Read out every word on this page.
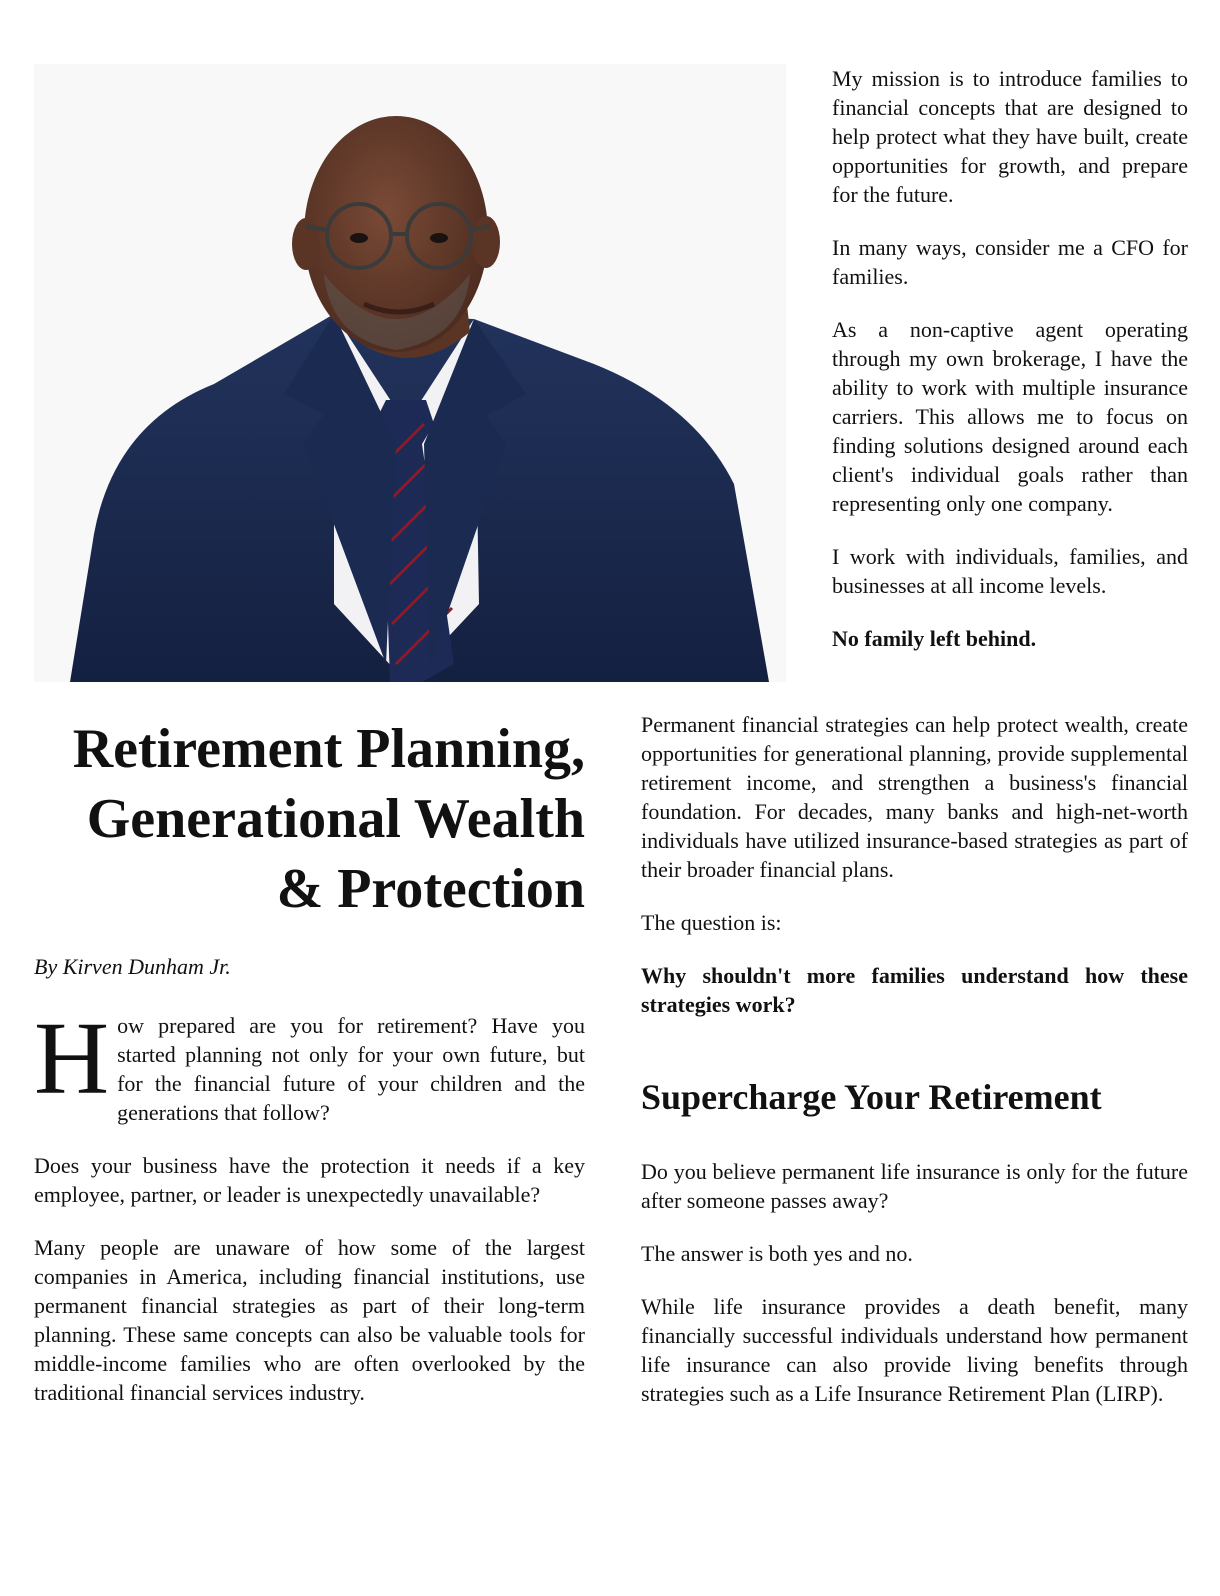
My mission is to introduce families to financial concepts that are designed to help protect what they have built, create opportunities for growth, and prepare for the future.

In many ways, consider me a CFO for families.

As a non-captive agent operating through my own brokerage, I have the ability to work with multiple insurance carriers. This allows me to focus on finding solutions designed around each client's individual goals rather than representing only one company.

I work with individuals, families, and businesses at all income levels.

No family left behind.

Retirement Planning,
Generational Wealth
& Protection

By Kirven Dunham Jr.

How prepared are you for retirement? Have you started planning not only for your own future, but for the financial future of your children and the generations that follow?

Does your business have the protection it needs if a key employee, partner, or leader is unexpectedly unavailable?

Many people are unaware of how some of the largest companies in America, including financial institutions, use permanent financial strategies as part of their long-term planning. These same concepts can also be valuable tools for middle-income families who are often overlooked by the traditional financial services industry.

Permanent financial strategies can help protect wealth, create opportunities for generational planning, provide supplemental retirement income, and strengthen a business's financial foundation. For decades, many banks and high-net-worth individuals have utilized insurance-based strategies as part of their broader financial plans.

The question is:

Why shouldn't more families understand how these strategies work?

Supercharge Your Retirement

Do you believe permanent life insurance is only for the future after someone passes away?

The answer is both yes and no.

While life insurance provides a death benefit, many financially successful individuals understand how permanent life insurance can also provide living benefits through strategies such as a Life Insurance Retirement Plan (LIRP).
